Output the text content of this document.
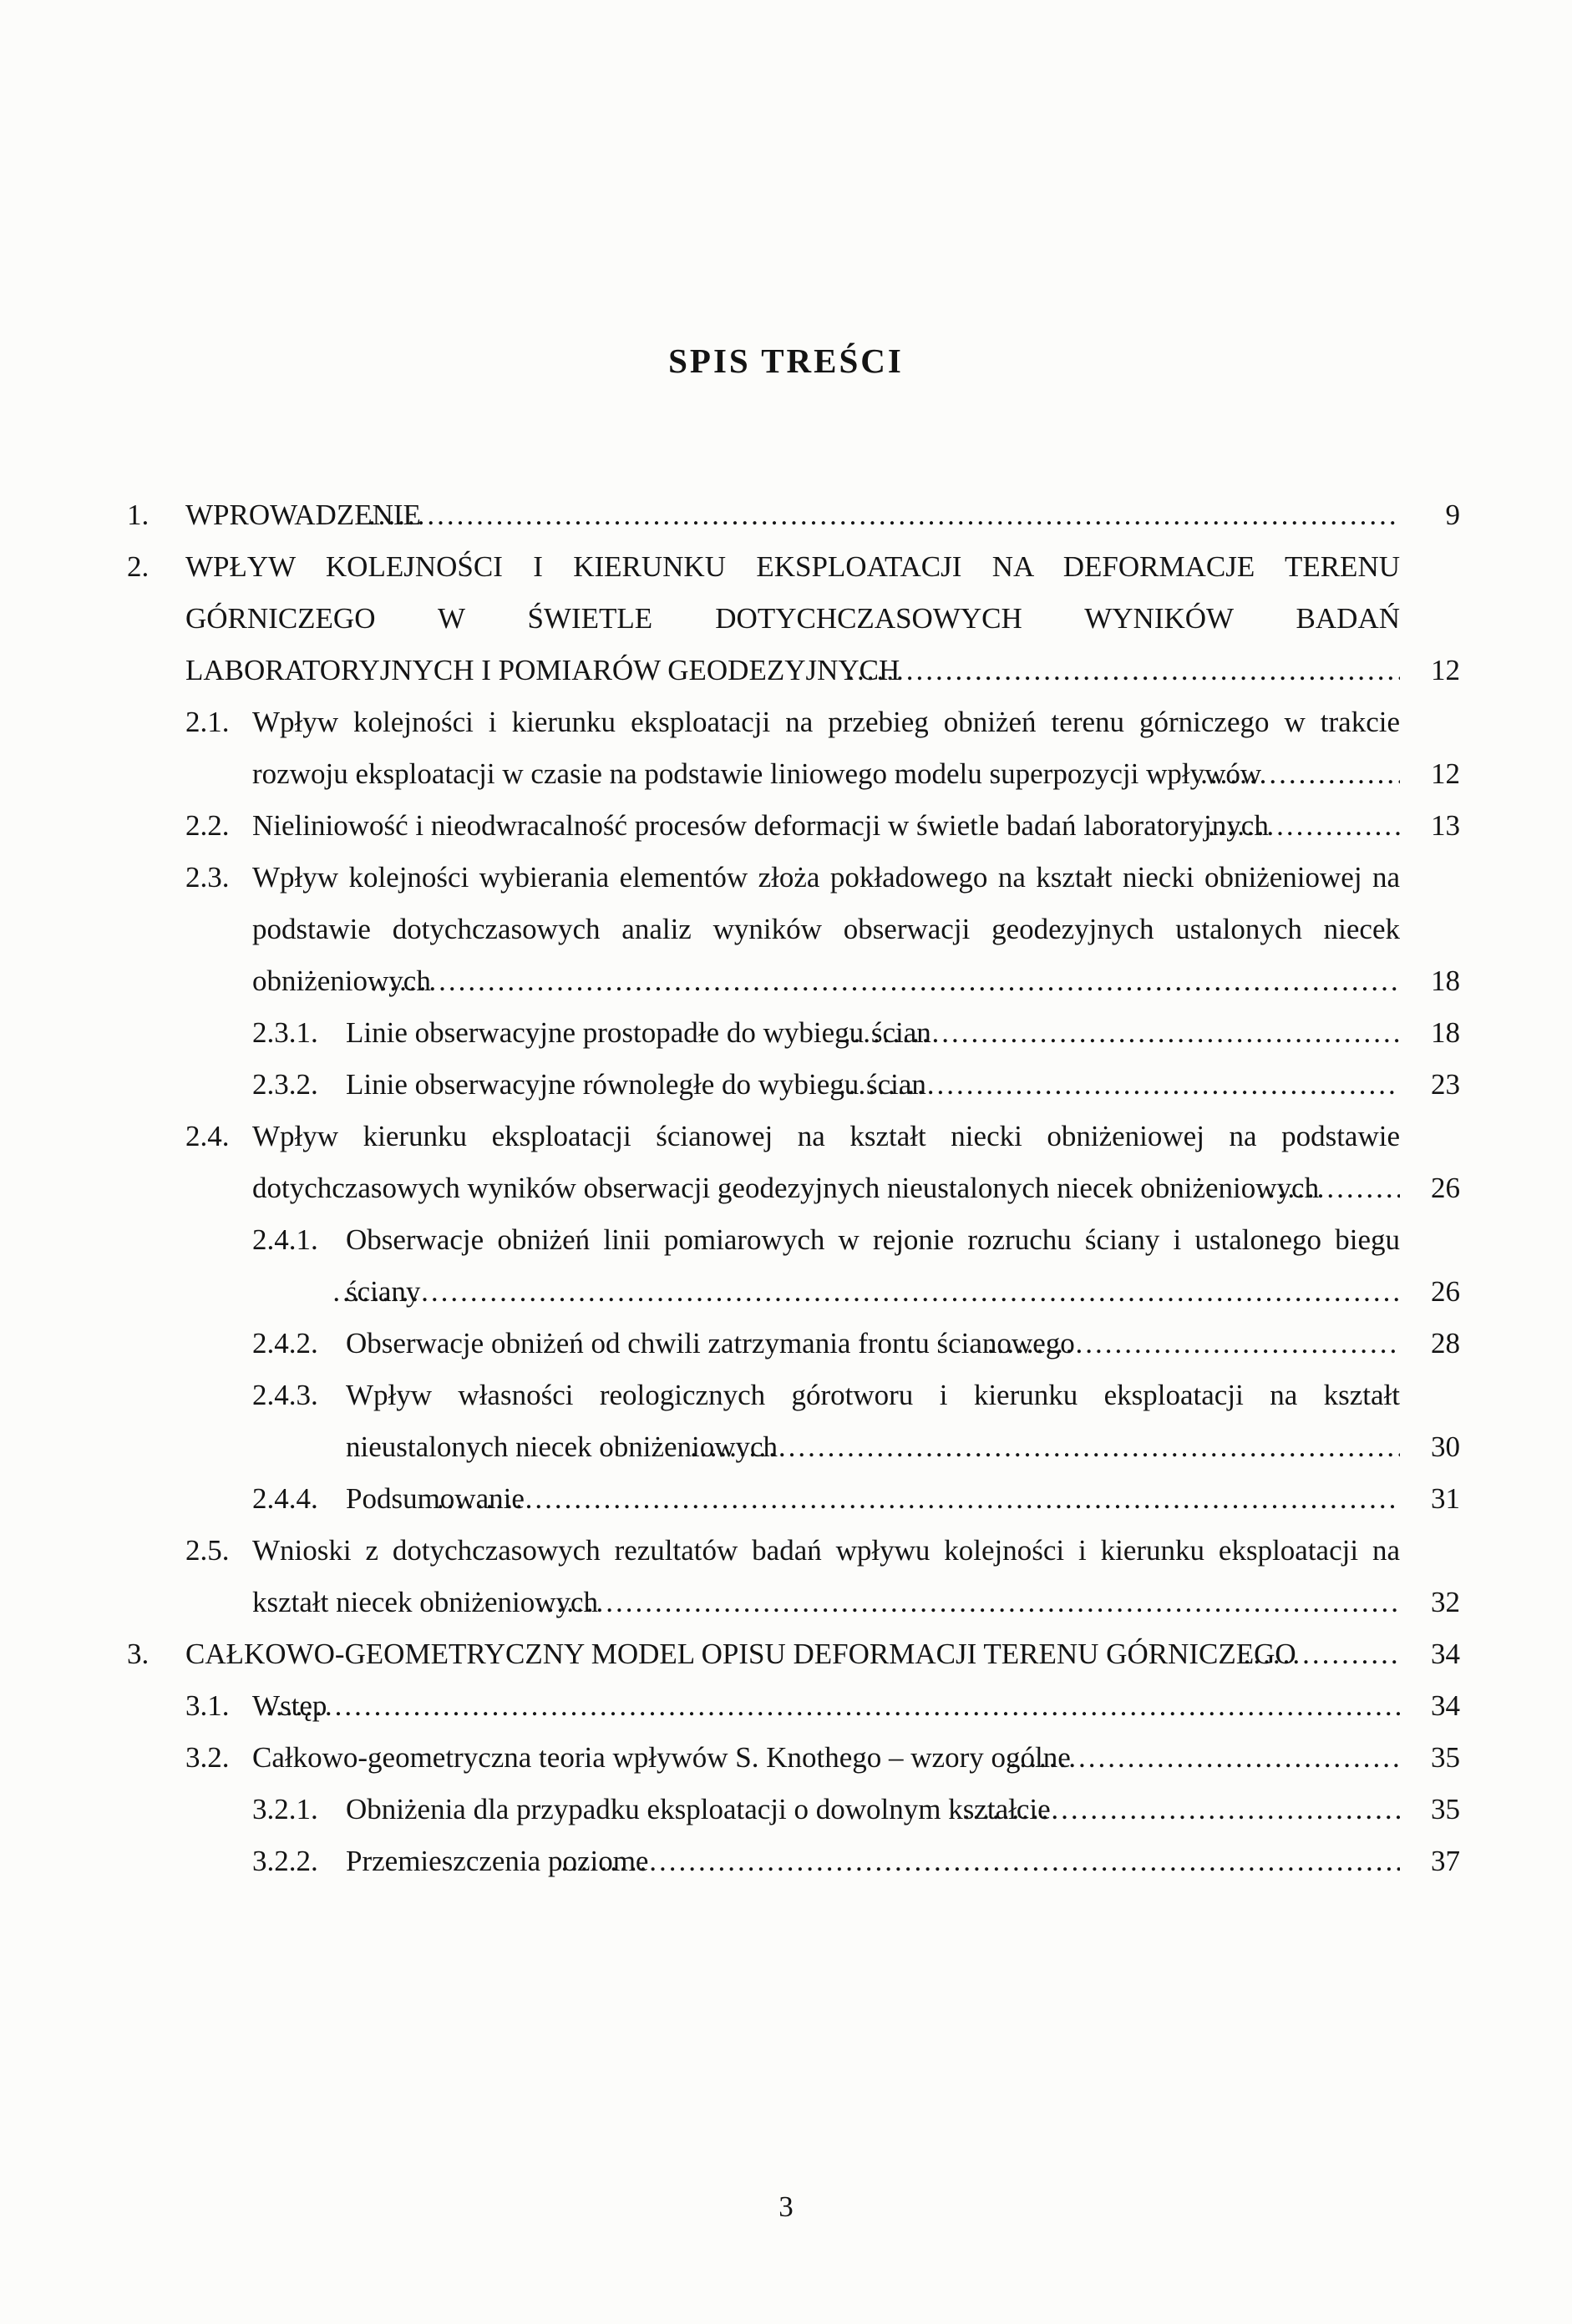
SPIS TREŚCI
1. WPROWADZENIE .....	9
2. WPŁYW KOLEJNOŚCI I KIERUNKU EKSPLOATACJI NA DEFORMACJE TERENU GÓRNICZEGO W ŚWIETLE DOTYCHCZASOWYCH WYNIKÓW BADAŃ LABORATORYJNYCH I POMIARÓW GEODEZYJNYCH .....	12
2.1. Wpływ kolejności i kierunku eksploatacji na przebieg obniżeń terenu górniczego w trakcie rozwoju eksploatacji w czasie na podstawie liniowego modelu superpozycji wpływów .....	12
2.2. Nieliniowość i nieodwracalność procesów deformacji w świetle badań laboratoryjnych .....	13
2.3. Wpływ kolejności wybierania elementów złoża pokładowego na kształt niecki obniżeniowej na podstawie dotychczasowych analiz wyników obserwacji geodezyjnych ustalonych niecek obniżeniowych .....	18
2.3.1. Linie obserwacyjne prostopadłe do wybiegu ścian .....	18
2.3.2. Linie obserwacyjne równoległe do wybiegu ścian .....	23
2.4. Wpływ kierunku eksploatacji ścianowej na kształt niecki obniżeniowej na podstawie dotychczasowych wyników obserwacji geodezyjnych nieustalonych niecek obniżeniowych .....	26
2.4.1. Obserwacje obniżeń linii pomiarowych w rejonie rozruchu ściany i ustalonego biegu ściany .....	26
2.4.2. Obserwacje obniżeń od chwili zatrzymania frontu ścianowego .....	28
2.4.3. Wpływ własności reologicznych górotworu i kierunku eksploatacji na kształt nieustalonych niecek obniżeniowych .....	30
2.4.4. Podsumowanie .....	31
2.5. Wnioski z dotychczasowych rezultatów badań wpływu kolejności i kierunku eksploatacji na kształt niecek obniżeniowych .....	32
3. CAŁKOWO-GEOMETRYCZNY MODEL OPISU DEFORMACJI TERENU GÓRNICZEGO .....	34
3.1. Wstęp .....	34
3.2. Całkowo-geometryczna teoria wpływów S. Knothego – wzory ogólne .....	35
3.2.1. Obniżenia dla przypadku eksploatacji o dowolnym kształcie .....	35
3.2.2. Przemieszczenia poziome .....	37
3
